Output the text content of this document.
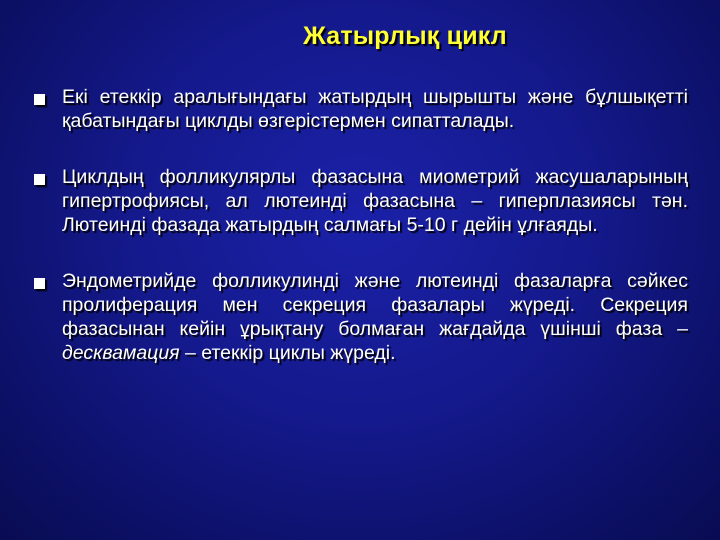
Жатырлық цикл
Екі етеккір аралығындағы жатырдың шырышты және бұлшықетті қабатындағы циклды өзгерістермен сипатталады.
Циклдың фолликулярлы фазасына миометрий жасушаларының гипертрофиясы, ал лютеинді фазасына – гиперплазиясы тән. Лютеинді фазада жатырдың салмағы 5-10 г дейін ұлғаяды.
Эндометрийде фолликулинді және лютеинді фазаларға сәйкес пролиферация мен секреция фазалары жүреді. Секреция фазасынан кейін ұрықтану болмаған жағдайда үшінші фаза – десквамация – етеккір циклы жүреді.
